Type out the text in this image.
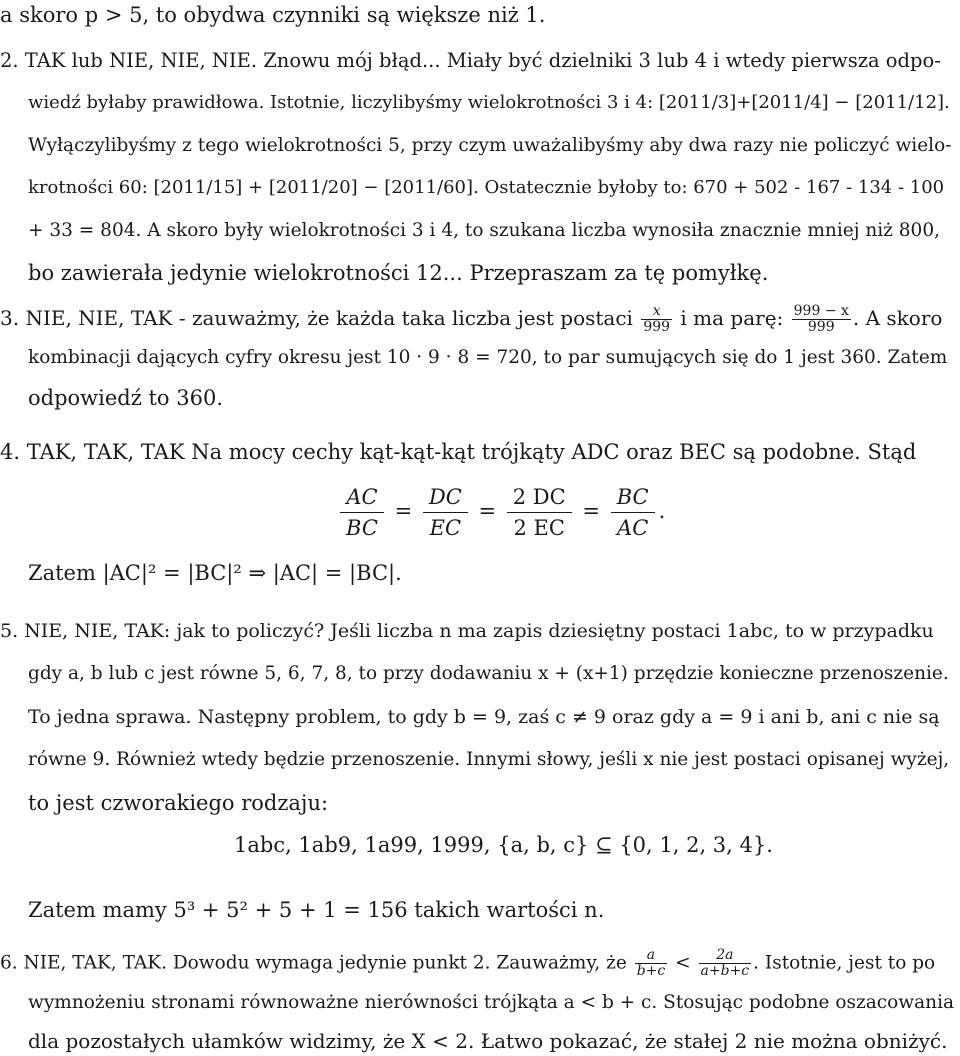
a skoro p > 5, to obydwa czynniki są większe niż 1.
2. TAK lub NIE, NIE, NIE. Znowu mój błąd... Miały być dzielniki 3 lub 4 i wtedy pierwsza odpo-
wiedź byłaby prawidłowa. Istotnie, liczylibyśmy wielokrotności 3 i 4: [2011/3]+[2011/4] − [2011/12].
Wyłączylibyśmy z tego wielokrotności 5, przy czym uważalibyśmy aby dwa razy nie policzyć wielo-
krotności 60: [2011/15] + [2011/20] − [2011/60]. Ostatecznie byłoby to: 670 + 502 - 167 - 134 - 100
+ 33 = 804. A skoro były wielokrotności 3 i 4, to szukana liczba wynosiła znacznie mniej niż 800,
bo zawierała jedynie wielokrotności 12... Przepraszam za tę pomyłkę.
3. NIE, NIE, TAK - zauważmy, że każda taka liczba jest postaci $\frac{x}{999}$ i ma parę: $\frac{999 - x}{999}$ . A skoro
kombinacji dających cyfry okresu jest 10 · 9 · 8 = 720, to par sumujących się do 1 jest 360. Zatem
odpowiedź to 360.
4. TAK, TAK, TAK Na mocy cechy kąt-kąt-kąt trójkąty ADC oraz BEC są podobne. Stąd
$\frac{AC}{BC} = \frac{DC}{EC} = \frac{2 DC}{2 EC} = \frac{BC}{AC}$ .
Zatem |AC|² = |BC|² ⇒ |AC| = |BC|.
5. NIE, NIE, TAK: jak to policzyć? Jeśli liczba n ma zapis dziesiętny postaci 1abc, to w przypadku
gdy a, b lub c jest równe 5, 6, 7, 8, to przy dodawaniu x + (x+1) przędzie konieczne przenoszenie.
To jedna sprawa. Następny problem, to gdy b = 9, zaś c ≠ 9 oraz gdy a = 9 i ani b, ani c nie są
równe 9. Również wtedy będzie przenoszenie. Innymi słowy, jeśli x nie jest postaci opisanej wyżej,
to jest czworakiego rodzaju:
1abc, 1ab9, 1a99, 1999, {a, b, c} ⊆ {0, 1, 2, 3, 4}.
Zatem mamy 5³ + 5² + 5 + 1 = 156 takich wartości n.
6. NIE, TAK, TAK. Dowodu wymaga jedynie punkt 2. Zauważmy, że $\frac{a}{b+c} < \frac{2a}{a+b+c}$ . Istotnie, jest to po
wymnożeniu stronami równoważne nierówności trójkąta a < b + c. Stosując podobne oszacowania
dla pozostałych ułamków widzimy, że X < 2. Łatwo pokazać, że stałej 2 nie można obniżyć.
